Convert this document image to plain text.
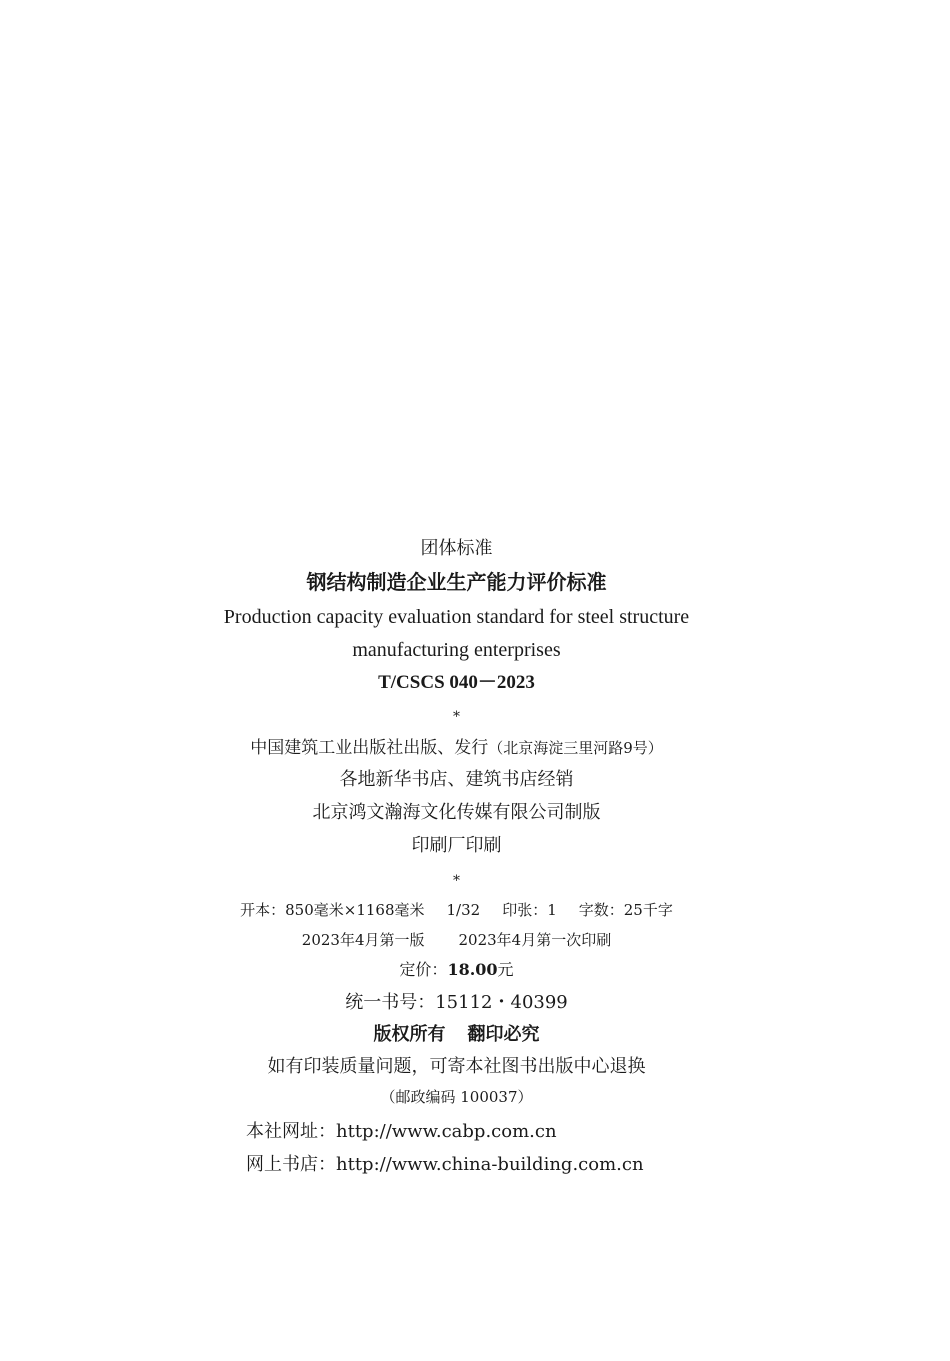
团体标准
钢结构制造企业生产能力评价标准
Production capacity evaluation standard for steel structure
manufacturing enterprises
T/CSCS 040－2023
*
中国建筑工业出版社出版、发行（北京海淀三里河路9号）
各地新华书店、建筑书店经销
北京鸿文瀚海文化传媒有限公司制版
印刷厂印刷
*
开本：850毫米×1168毫米 1/32 印张：1 字数：25千字
2023年4月第一版 2023年4月第一次印刷
定价：18.00元
统一书号：15112・40399
版权所有 翻印必究
如有印装质量问题，可寄本社图书出版中心退换
（邮政编码 100037）
本社网址：http://www.cabp.com.cn
网上书店：http://www.china-building.com.cn
